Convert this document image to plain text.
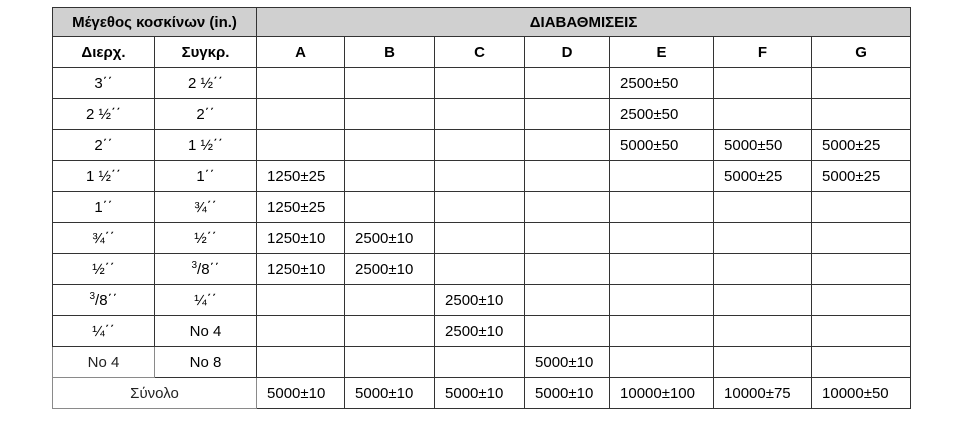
Μέγεθος κοσκίνων (in.)		ΔΙΑΒΑΘΜΙΣΕΙΣ						
Διερχ.	Συγκρ.	A	B	C	D	E	F	G
3΄΄	2 ½΄΄					2500±50		
2 ½΄΄	2΄΄					2500±50		
2΄΄	1 ½΄΄					5000±50	5000±50	5000±25
1 ½΄΄	1΄΄	1250±25					5000±25	5000±25
1΄΄	¾΄΄	1250±25						
¾΄΄	½΄΄	1250±10	2500±10					
½΄΄	$^3$/8΄΄	1250±10	2500±10					
$^3$/8΄΄	¼΄΄			2500±10				
¼΄΄	No 4			2500±10				
No 4	No 8				5000±10			
Σύνολο		5000±10	5000±10	5000±10	5000±10	10000±100	10000±75	10000±50
